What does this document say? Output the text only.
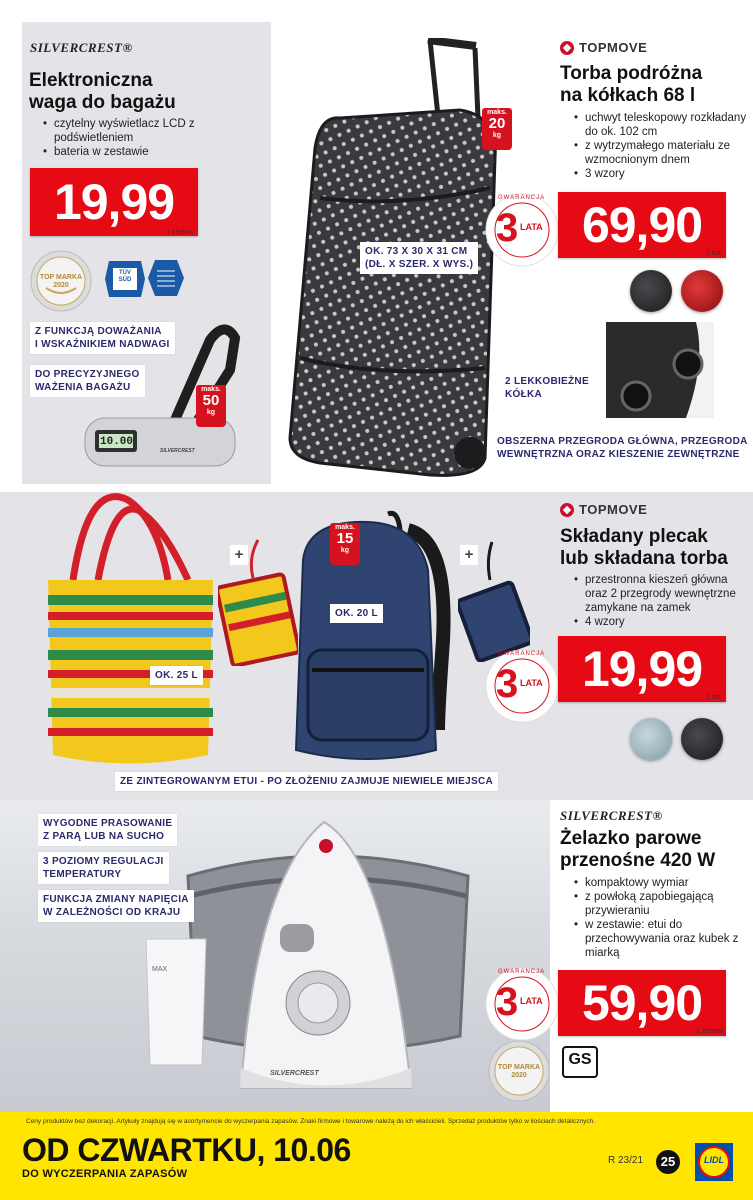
SILVERCREST®
Elektroniczna
waga do bagażu
• czytelny wyświetlacz LCD z podświetleniem
• bateria w zestawie
19,99
1 zestaw
TOP MARKA 2020
TÜV SÜD
Z FUNKCJĄ DOWAŻANIA
I WSKAŹNIKIEM NADWAGI
DO PRECYZYJNEGO
WAŻENIA BAGAŻU
10.00
SILVERCREST
maks.
50
kg
maks.
20
kg
OK. 73 X 30 X 31 CM
(DŁ. X SZER. X WYS.)
2 LEKKOBIEŻNE
KÓŁKA
OBSZERNA PRZEGRODA GŁÓWNA, PRZEGRODA
WEWNĘTRZNA ORAZ KIESZENIE ZEWNĘTRZNE
TOPMOVE
Torba podróżna
na kółkach 68 l
• uchwyt teleskopowy rozkładany do ok. 102 cm
• z wytrzymałego materiału ze wzmocnionym dnem
• 3 wzory
3 LATA
GWARANCJA 69,90
1 szt.
OK. 25 L
+
maks.
15
kg
OK. 20 L
+
ZE ZINTEGROWANYM ETUI - PO ZŁOŻENIU ZAJMUJE NIEWIELE MIEJSCA
TOPMOVE
Składany plecak
lub składana torba
• przestronna kieszeń główna oraz 2 przegrody wewnętrzne zamykane na zamek
• 4 wzory
3 LATA
GWARANCJA 19,99
1 szt.
MAX
SILVERCREST
WYGODNE PRASOWANIE
Z PARĄ LUB NA SUCHO
3 POZIOMY REGULACJI
TEMPERATURY
FUNKCJA ZMIANY NAPIĘCIA
W ZALEŻNOŚCI OD KRAJU
SILVERCREST®
Żelazko parowe
przenośne 420 W
• kompaktowy wymiar
• z powłoką zapobiegającą przywieraniu
• w zestawie: etui do przechowywania oraz kubek z miarką
3 LATA
GWARANCJA
59,90
1 zestaw
GS
TOP MARKA 2020
Ceny produktów bez dekoracji. Artykuły znajdują się w asortymencie do wyczerpania zapasów. Znaki firmowe i towarowe należą do ich właścicieli. Sprzedaż produktów tylko w ilościach detalicznych.
OD CZWARTKU, 10.06
DO WYCZERPANIA ZAPASÓW
R 23/21	25	LIDL
